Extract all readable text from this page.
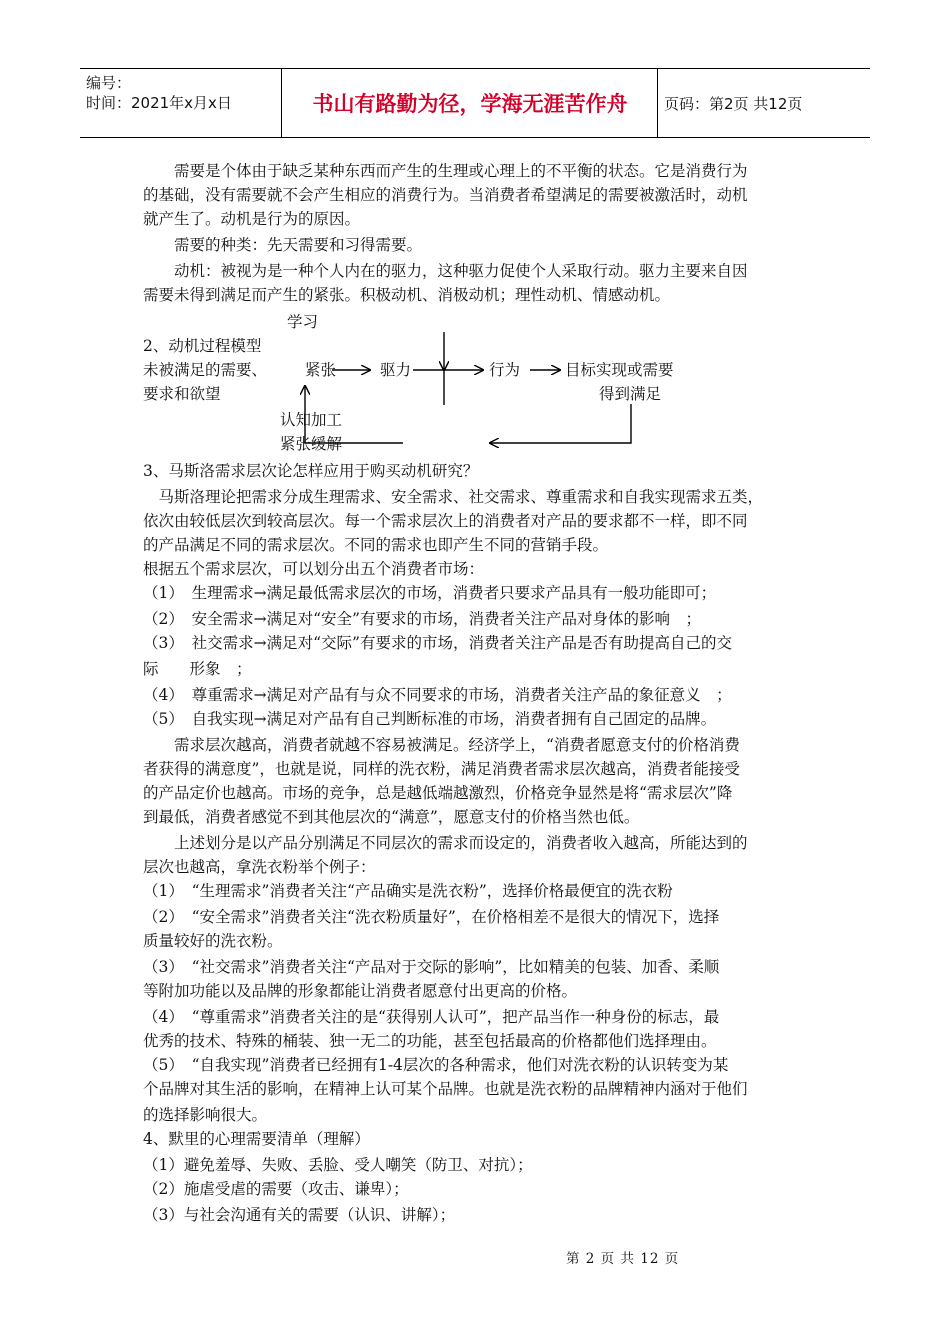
编号：
时间：2021年x月x日	书山有路勤为径，学海无涯苦作舟	页码：第2页 共12页
　　需要是个体由于缺乏某种东西而产生的生理或心理上的不平衡的状态。它是消费行为
的基础，没有需要就不会产生相应的消费行为。当消费者希望满足的需要被激活时，动机
就产生了。动机是行为的原因。
　　需要的种类：先天需要和习得需要。
　　动机：被视为是一种个人内在的驱力，这种驱力促使个人采取行动。驱力主要来自因
需要未得到满足而产生的紧张。积极动机、消极动机；理性动机、情感动机。
学习
2、动机过程模型
未被满足的需要、
要求和欲望
紧张	驱力	行为	目标实现或需要
得到满足
认知加工
紧张缓解
3、马斯洛需求层次论怎样应用于购买动机研究？
　马斯洛理论把需求分成生理需求、安全需求、社交需求、尊重需求和自我实现需求五类，
依次由较低层次到较高层次。每一个需求层次上的消费者对产品的要求都不一样，即不同
的产品满足不同的需求层次。不同的需求也即产生不同的营销手段。
根据五个需求层次，可以划分出五个消费者市场：
（1）　生理需求→满足最低需求层次的市场，消费者只要求产品具有一般功能即可；
（2）　安全需求→满足对“安全”有要求的市场，消费者关注产品对身体的影响　；
（3）　社交需求→满足对“交际”有要求的市场，消费者关注产品是否有助提高自己的交
际　　形象　；
（4）　尊重需求→满足对产品有与众不同要求的市场，消费者关注产品的象征意义　；
（5）　自我实现→满足对产品有自己判断标准的市场，消费者拥有自己固定的品牌。
　　需求层次越高，消费者就越不容易被满足。经济学上，“消费者愿意支付的价格消费
者获得的满意度”，也就是说，同样的洗衣粉，满足消费者需求层次越高，消费者能接受
的产品定价也越高。市场的竞争，总是越低端越激烈，价格竞争显然是将“需求层次”降
到最低，消费者感觉不到其他层次的“满意”，愿意支付的价格当然也低。
　　上述划分是以产品分别满足不同层次的需求而设定的，消费者收入越高，所能达到的
层次也越高，拿洗衣粉举个例子：
（1）　“生理需求”消费者关注“产品确实是洗衣粉”，选择价格最便宜的洗衣粉
（2）　“安全需求”消费者关注“洗衣粉质量好”，在价格相差不是很大的情况下，选择
质量较好的洗衣粉。
（3）　“社交需求”消费者关注“产品对于交际的影响”，比如精美的包装、加香、柔顺
等附加功能以及品牌的形象都能让消费者愿意付出更高的价格。
（4）　“尊重需求”消费者关注的是“获得别人认可”，把产品当作一种身份的标志，最
优秀的技术、特殊的桶装、独一无二的功能，甚至包括最高的价格都他们选择理由。
（5）　“自我实现”消费者已经拥有1-4层次的各种需求，他们对洗衣粉的认识转变为某
个品牌对其生活的影响，在精神上认可某个品牌。也就是洗衣粉的品牌精神内涵对于他们
的选择影响很大。
4、默里的心理需要清单（理解）
（1）避免羞辱、失败、丢脸、受人嘲笑（防卫、对抗）；
（2）施虐受虐的需要（攻击、谦卑）；
（3）与社会沟通有关的需要（认识、讲解）；
第 2 页 共 12 页
